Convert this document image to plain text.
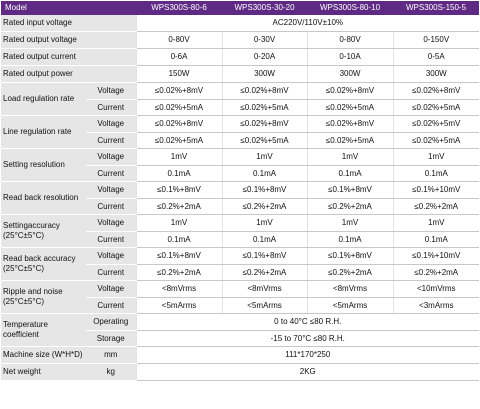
Model		WPS300S-80-6	WPS300S-30-20	WPS300S-80-10	WPS300S-150-5
Rated input voltage		AC220V/110V±10%			
Rated output voltage		0-80V	0-30V	0-80V	0-150V
Rated output current		0-6A	0-20A	0-10A	0-5A
Rated output power		150W	300W	300W	300W
Load regulation rate	Voltage	≤0.02%+8mV	≤0.02%+8mV	≤0.02%+8mV	≤0.02%+8mV
	Current	≤0.02%+5mA	≤0.02%+5mA	≤0.02%+5mA	≤0.02%+5mA
Line regulation rate	Voltage	≤0.02%+8mV	≤0.02%+8mV	≤0.02%+8mV	≤0.02%+5mV
	Current	≤0.02%+5mA	≤0.02%+5mA	≤0.02%+5mA	≤0.02%+5mA
Setting resolution	Voltage	1mV	1mV	1mV	1mV
	Current	0.1mA	0.1mA	0.1mA	0.1mA
Read back resolution	Voltage	≤0.1%+8mV	≤0.1%+8mV	≤0.1%+8mV	≤0.1%+10mV
	Current	≤0.2%+2mA	≤0.2%+2mA	≤0.2%+2mA	≤0.2%+2mA
Settingaccuracy
(25°C±5°C)	Voltage	1mV	1mV	1mV	1mV
	Current	0.1mA	0.1mA	0.1mA	0.1mA
Read back accuracy
(25°C±5°C)	Voltage	≤0.1%+8mV	≤0.1%+8mV	≤0.1%+8mV	≤0.1%+10mV
	Current	≤0.2%+2mA	≤0.2%+2mA	≤0.2%+2mA	≤0.2%+2mA
Ripple and noise
(25°C±5°C)	Voltage	<8mVrms	<8mVrms	<8mVrms	<10mVrms
	Current	<5mArms	<5mArms	<5mArms	<3mArms
Temperature
coefficient	Operating	0 to 40°C ≤80 R.H.			
	Storage	-15 to 70°C ≤80 R.H.			
Machine size (W*H*D)	mm	111*170*250			
Net weight	kg	2KG			
